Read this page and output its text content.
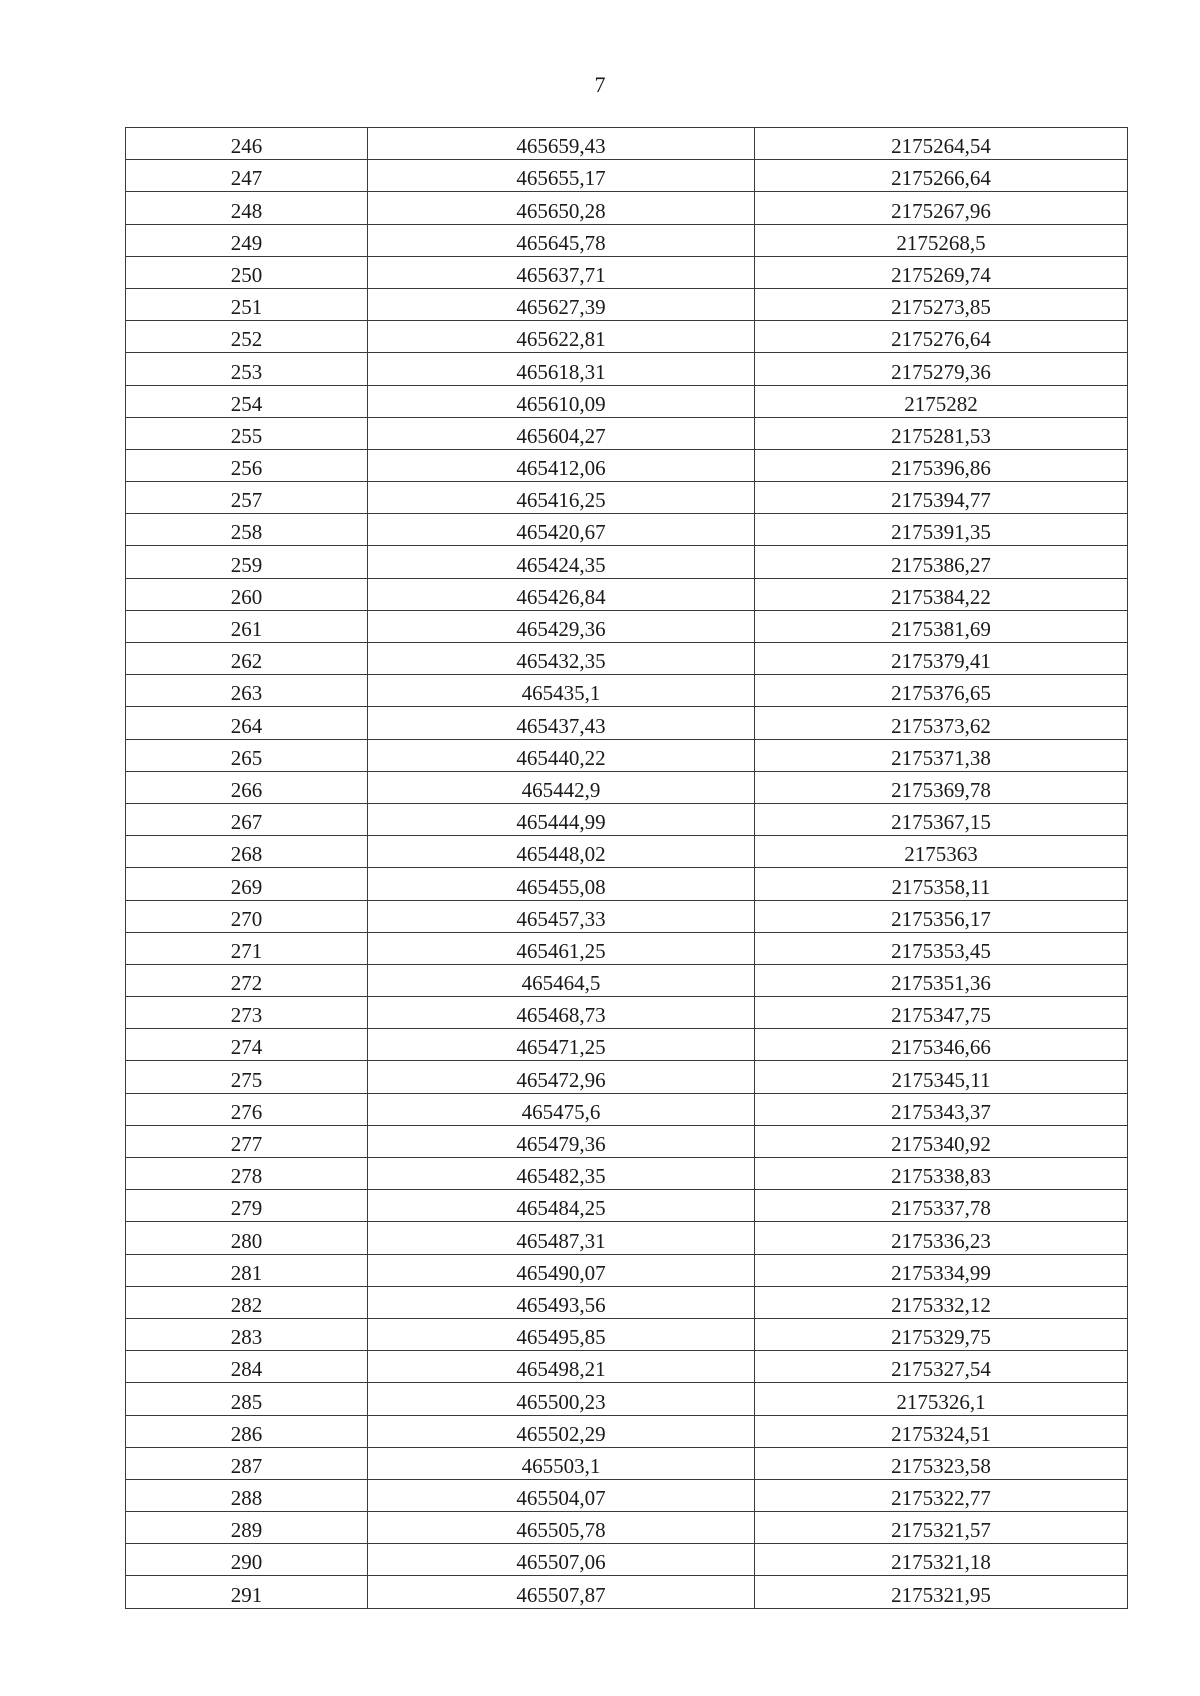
7
246	465659,43	2175264,54
247	465655,17	2175266,64
248	465650,28	2175267,96
249	465645,78	2175268,5
250	465637,71	2175269,74
251	465627,39	2175273,85
252	465622,81	2175276,64
253	465618,31	2175279,36
254	465610,09	2175282
255	465604,27	2175281,53
256	465412,06	2175396,86
257	465416,25	2175394,77
258	465420,67	2175391,35
259	465424,35	2175386,27
260	465426,84	2175384,22
261	465429,36	2175381,69
262	465432,35	2175379,41
263	465435,1	2175376,65
264	465437,43	2175373,62
265	465440,22	2175371,38
266	465442,9	2175369,78
267	465444,99	2175367,15
268	465448,02	2175363
269	465455,08	2175358,11
270	465457,33	2175356,17
271	465461,25	2175353,45
272	465464,5	2175351,36
273	465468,73	2175347,75
274	465471,25	2175346,66
275	465472,96	2175345,11
276	465475,6	2175343,37
277	465479,36	2175340,92
278	465482,35	2175338,83
279	465484,25	2175337,78
280	465487,31	2175336,23
281	465490,07	2175334,99
282	465493,56	2175332,12
283	465495,85	2175329,75
284	465498,21	2175327,54
285	465500,23	2175326,1
286	465502,29	2175324,51
287	465503,1	2175323,58
288	465504,07	2175322,77
289	465505,78	2175321,57
290	465507,06	2175321,18
291	465507,87	2175321,95
